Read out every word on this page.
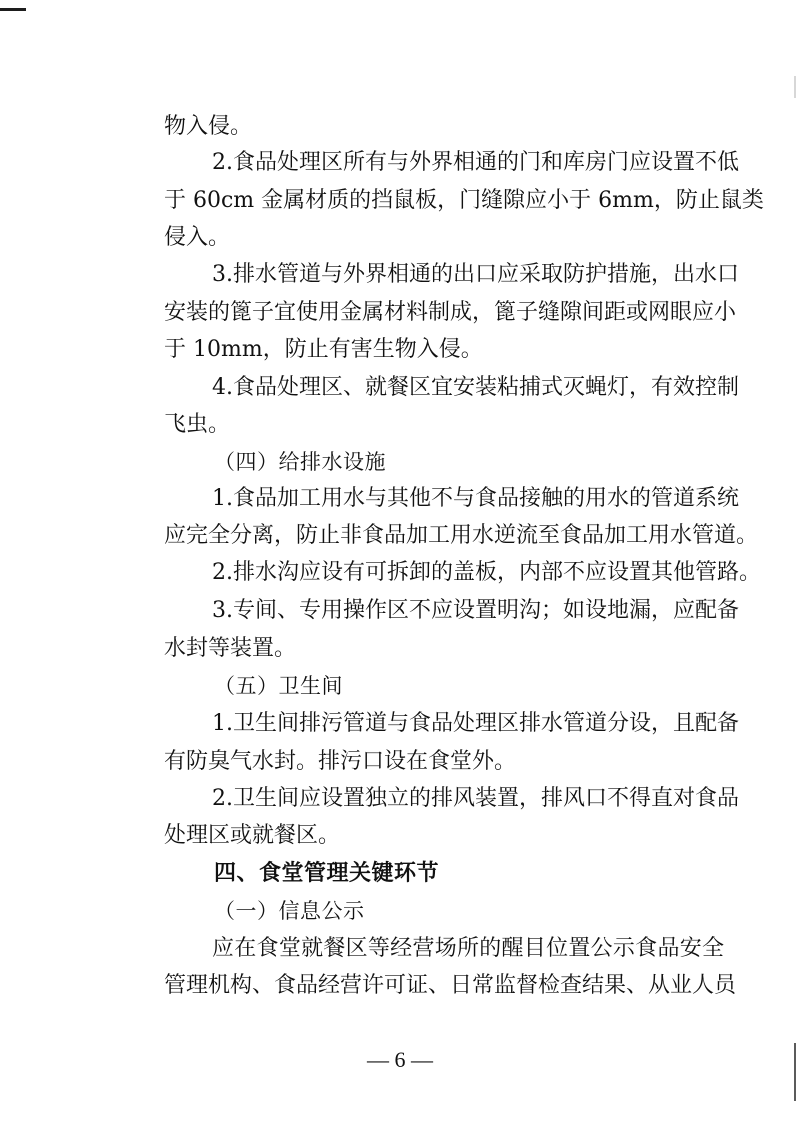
物入侵。

2.食品处理区所有与外界相通的门和库房门应设置不低

于 60cm 金属材质的挡鼠板，门缝隙应小于 6mm，防止鼠类

侵入。

3.排水管道与外界相通的出口应采取防护措施，出水口

安装的篦子宜使用金属材料制成，篦子缝隙间距或网眼应小

于 10mm，防止有害生物入侵。

4.食品处理区、就餐区宜安装粘捕式灭蝇灯，有效控制

飞虫。

（四）给排水设施

1.食品加工用水与其他不与食品接触的用水的管道系统

应完全分离，防止非食品加工用水逆流至食品加工用水管道。

2.排水沟应设有可拆卸的盖板，内部不应设置其他管路。

3.专间、专用操作区不应设置明沟；如设地漏，应配备

水封等装置。

（五）卫生间

1.卫生间排污管道与食品处理区排水管道分设，且配备

有防臭气水封。排污口设在食堂外。

2.卫生间应设置独立的排风装置，排风口不得直对食品

处理区或就餐区。

四、食堂管理关键环节

（一）信息公示

应在食堂就餐区等经营场所的醒目位置公示食品安全

管理机构、食品经营许可证、日常监督检查结果、从业人员

— 6 —
